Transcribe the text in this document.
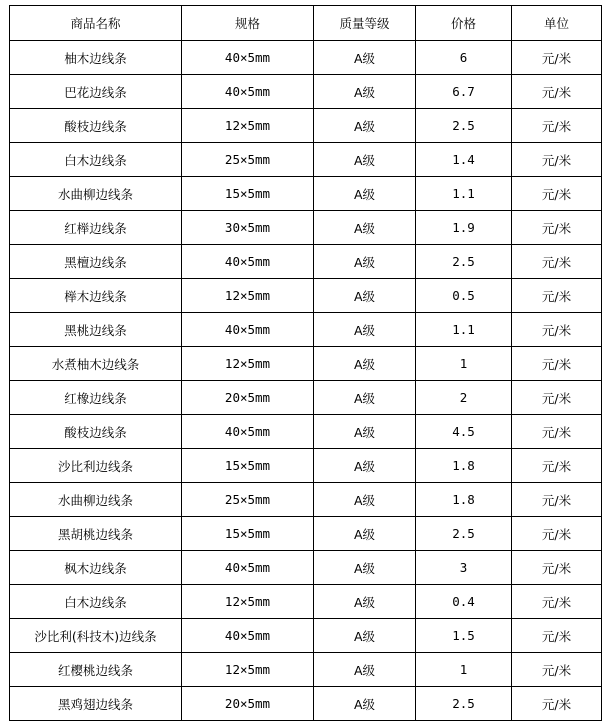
商品名称	规格	质量等级	价格	单位
柚木边线条	40×5mm	A级	6	元/米
巴花边线条	40×5mm	A级	6.7	元/米
酸枝边线条	12×5mm	A级	2.5	元/米
白木边线条	25×5mm	A级	1.4	元/米
水曲柳边线条	15×5mm	A级	1.1	元/米
红榉边线条	30×5mm	A级	1.9	元/米
黑檀边线条	40×5mm	A级	2.5	元/米
榉木边线条	12×5mm	A级	0.5	元/米
黑桃边线条	40×5mm	A级	1.1	元/米
水煮柚木边线条	12×5mm	A级	1	元/米
红橡边线条	20×5mm	A级	2	元/米
酸枝边线条	40×5mm	A级	4.5	元/米
沙比利边线条	15×5mm	A级	1.8	元/米
水曲柳边线条	25×5mm	A级	1.8	元/米
黑胡桃边线条	15×5mm	A级	2.5	元/米
枫木边线条	40×5mm	A级	3	元/米
白木边线条	12×5mm	A级	0.4	元/米
沙比利(科技木)边线条	40×5mm	A级	1.5	元/米
红樱桃边线条	12×5mm	A级	1	元/米
黑鸡翅边线条	20×5mm	A级	2.5	元/米
